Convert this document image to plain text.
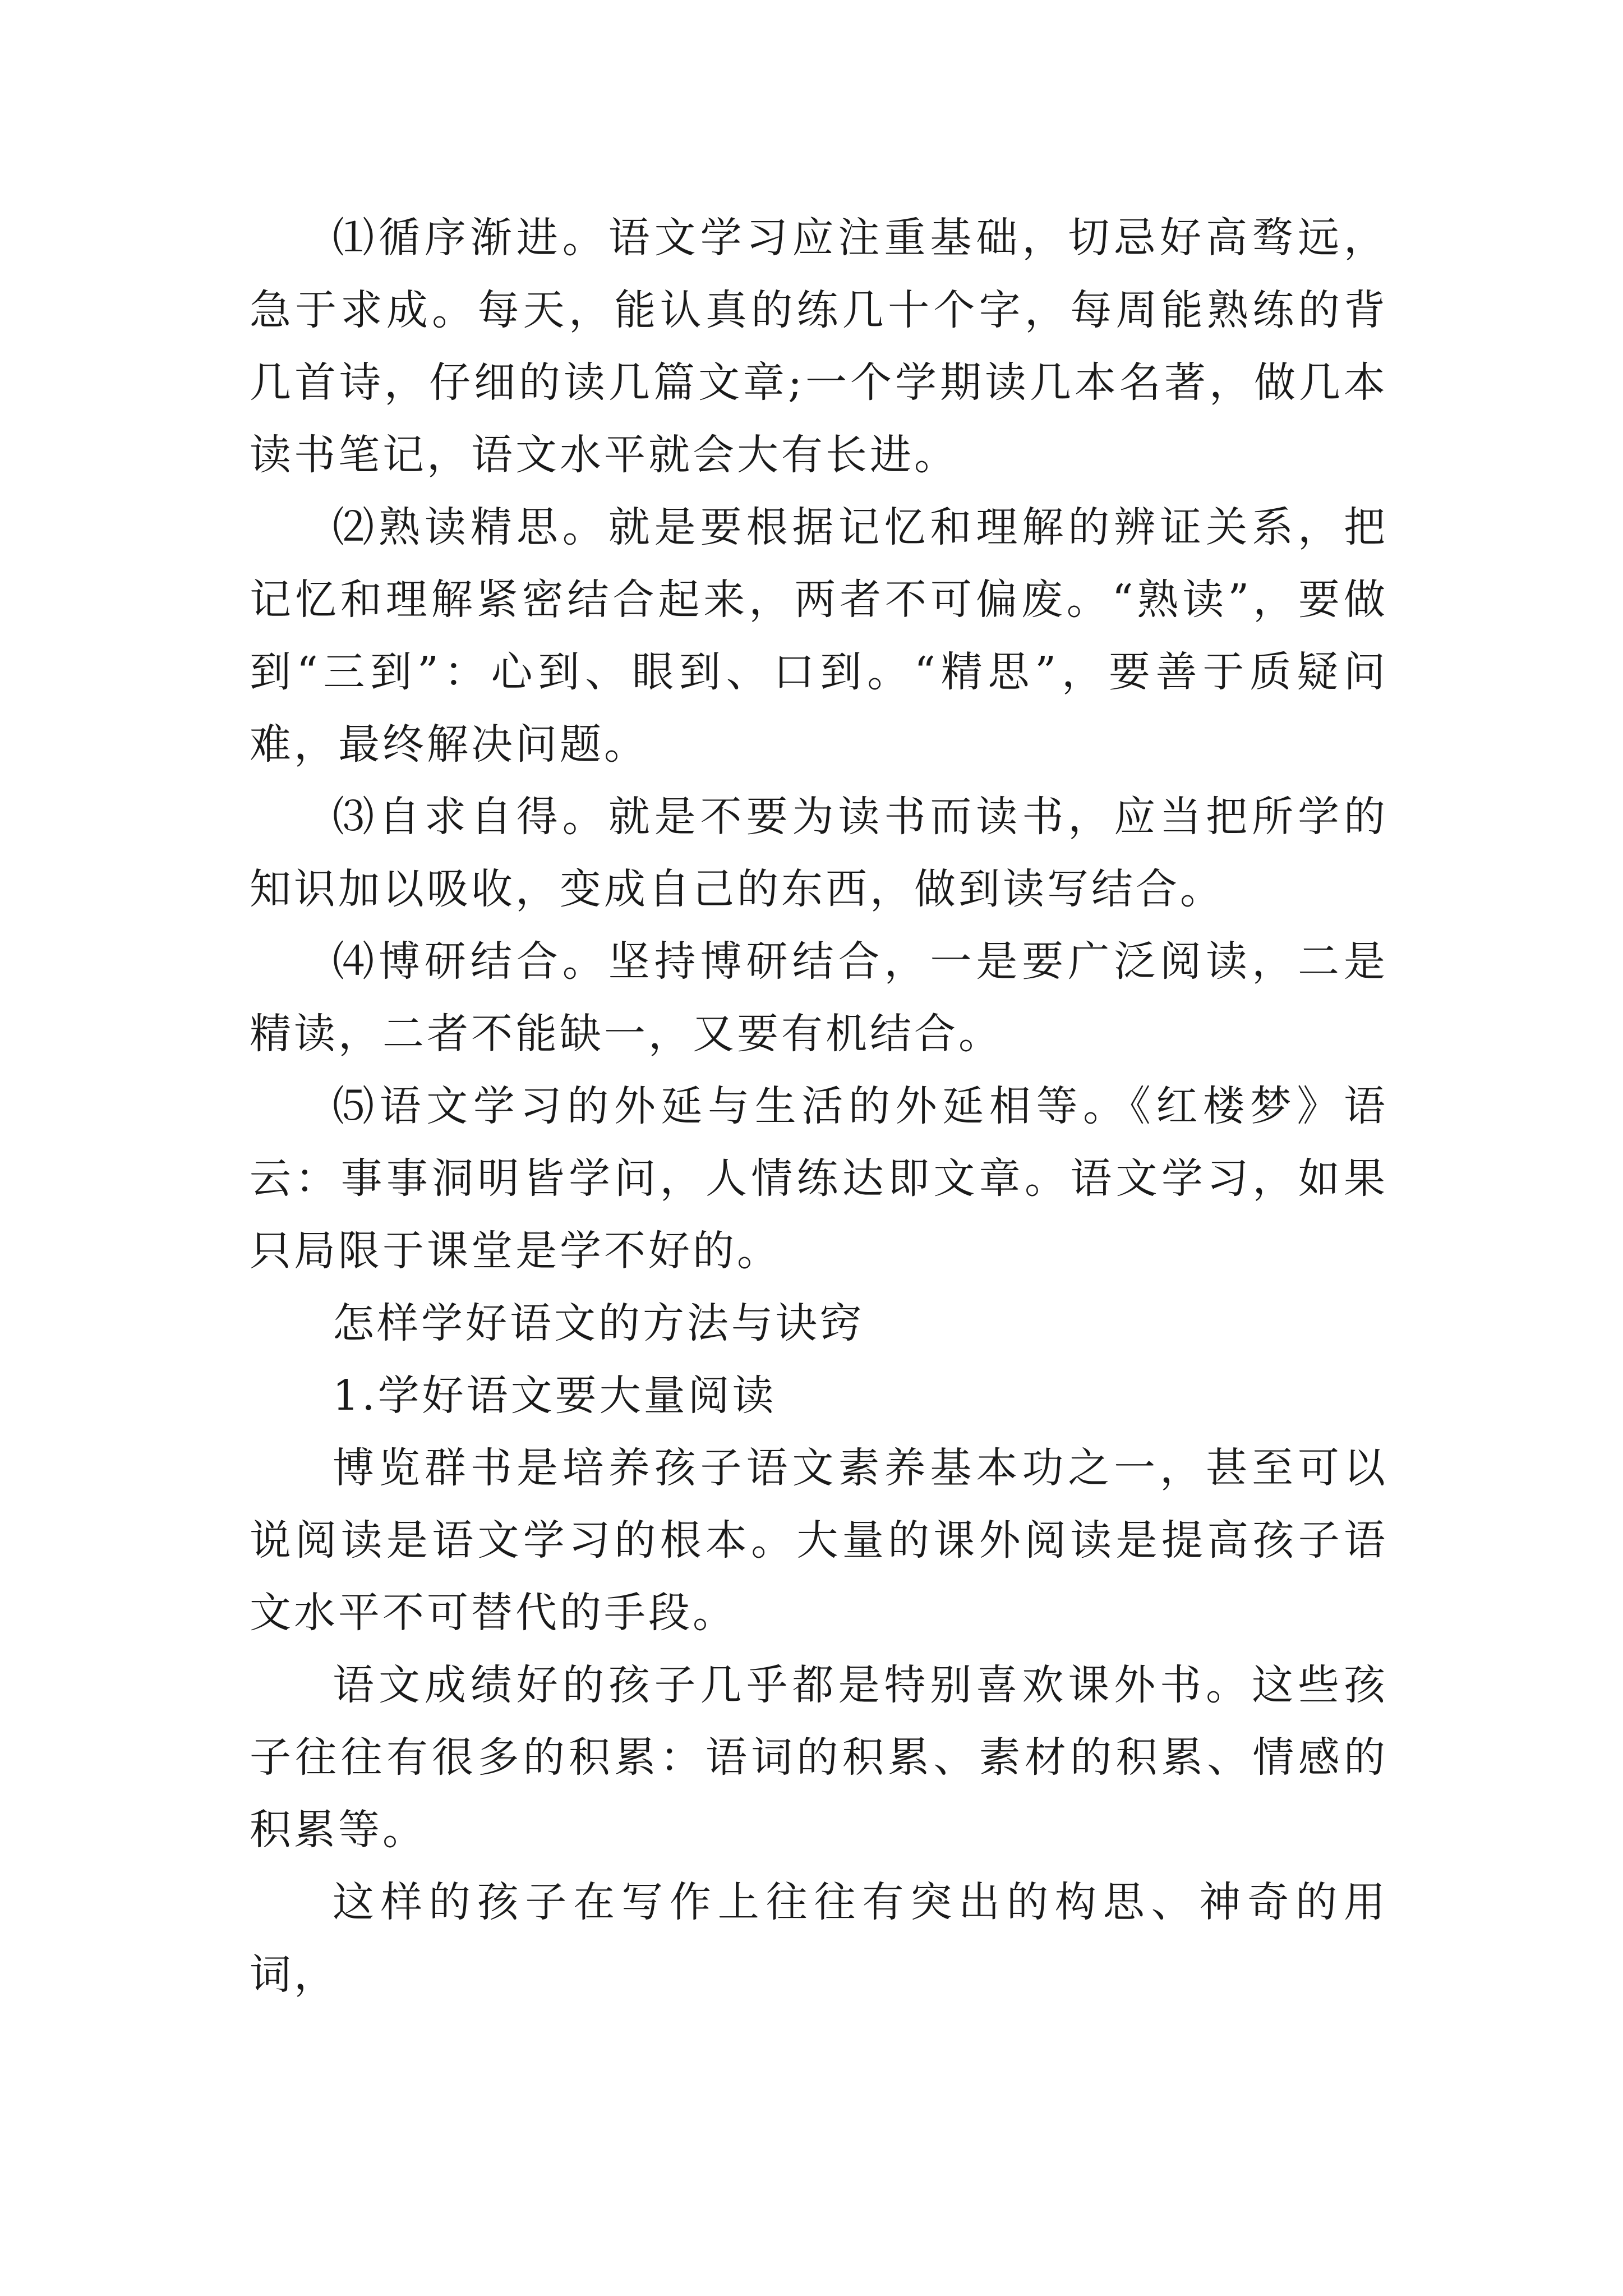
⑴循序渐进。语文学习应注重基础，切忌好高骛远，急于求成。每天，能认真的练几十个字，每周能熟练的背几首诗，仔细的读几篇文章;一个学期读几本名著，做几本读书笔记，语文水平就会大有长进。

⑵熟读精思。就是要根据记忆和理解的辨证关系，把记忆和理解紧密结合起来，两者不可偏废。“熟读”，要做到“三到”：心到、眼到、口到。“精思”，要善于质疑问难，最终解决问题。

⑶自求自得。就是不要为读书而读书，应当把所学的知识加以吸收，变成自己的东西，做到读写结合。

⑷博研结合。坚持博研结合，一是要广泛阅读，二是精读，二者不能缺一，又要有机结合。

⑸语文学习的外延与生活的外延相等。《红楼梦》语云：事事洞明皆学问，人情练达即文章。语文学习，如果只局限于课堂是学不好的。

怎样学好语文的方法与诀窍

1.学好语文要大量阅读

博览群书是培养孩子语文素养基本功之一，甚至可以说阅读是语文学习的根本。大量的课外阅读是提高孩子语文水平不可替代的手段。

语文成绩好的孩子几乎都是特别喜欢课外书。这些孩子往往有很多的积累：语词的积累、素材的积累、情感的积累等。

这样的孩子在写作上往往有突出的构思、神奇的用词，
